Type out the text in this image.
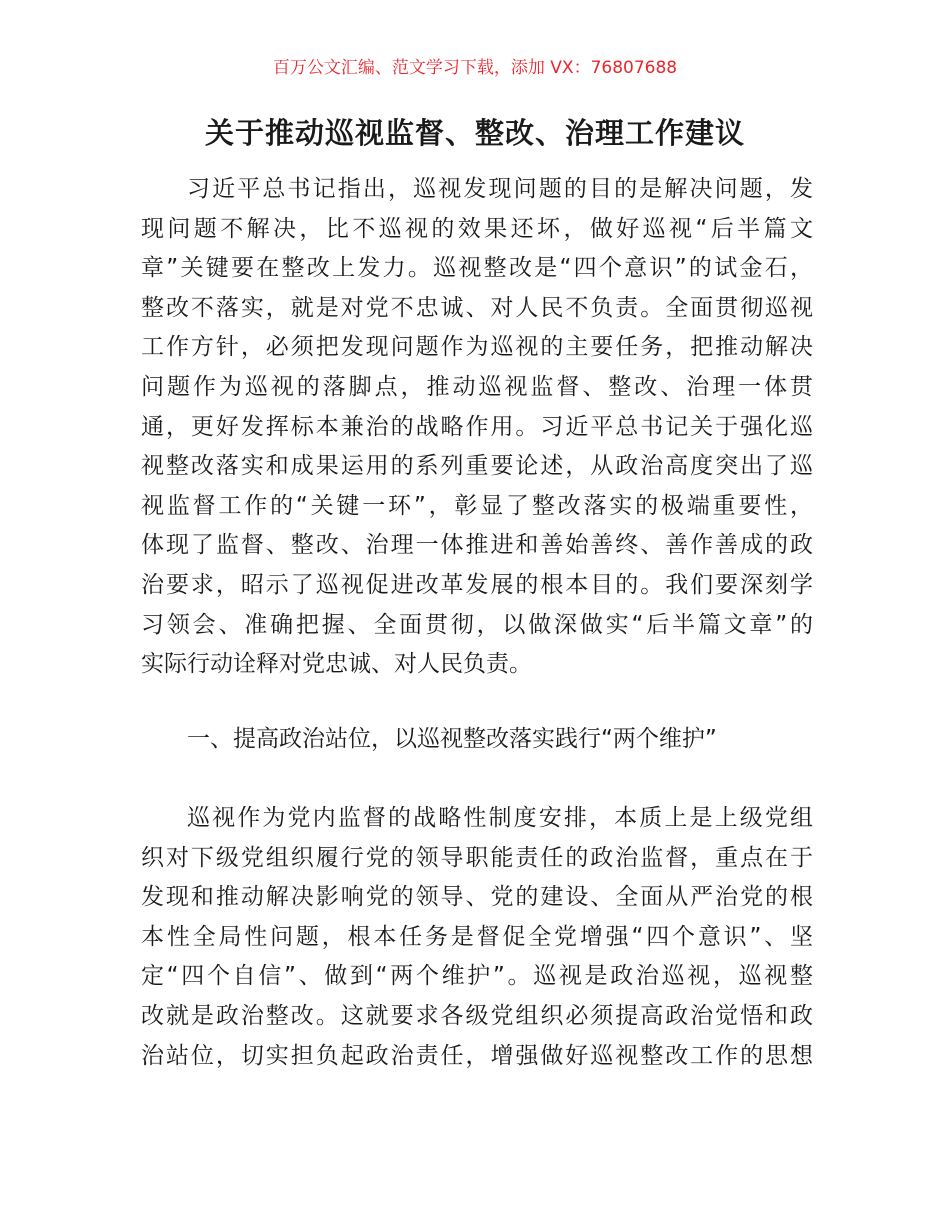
百万公文汇编、范文学习下载，添加 VX：76807688
关于推动巡视监督、整改、治理工作建议
习近平总书记指出，巡视发现问题的目的是解决问题，发
现问题不解决，比不巡视的效果还坏，做好巡视“后半篇文
章”关键要在整改上发力。巡视整改是“四个意识”的试金石，
整改不落实，就是对党不忠诚、对人民不负责。全面贯彻巡视
工作方针，必须把发现问题作为巡视的主要任务，把推动解决
问题作为巡视的落脚点，推动巡视监督、整改、治理一体贯
通，更好发挥标本兼治的战略作用。习近平总书记关于强化巡
视整改落实和成果运用的系列重要论述，从政治高度突出了巡
视监督工作的“关键一环”，彰显了整改落实的极端重要性，
体现了监督、整改、治理一体推进和善始善终、善作善成的政
治要求，昭示了巡视促进改革发展的根本目的。我们要深刻学
习领会、准确把握、全面贯彻，以做深做实“后半篇文章”的
实际行动诠释对党忠诚、对人民负责。
一、提高政治站位，以巡视整改落实践行“两个维护”
巡视作为党内监督的战略性制度安排，本质上是上级党组
织对下级党组织履行党的领导职能责任的政治监督，重点在于
发现和推动解决影响党的领导、党的建设、全面从严治党的根
本性全局性问题，根本任务是督促全党增强“四个意识”、坚
定“四个自信”、做到“两个维护”。巡视是政治巡视，巡视整
改就是政治整改。这就要求各级党组织必须提高政治觉悟和政
治站位，切实担负起政治责任，增强做好巡视整改工作的思想
